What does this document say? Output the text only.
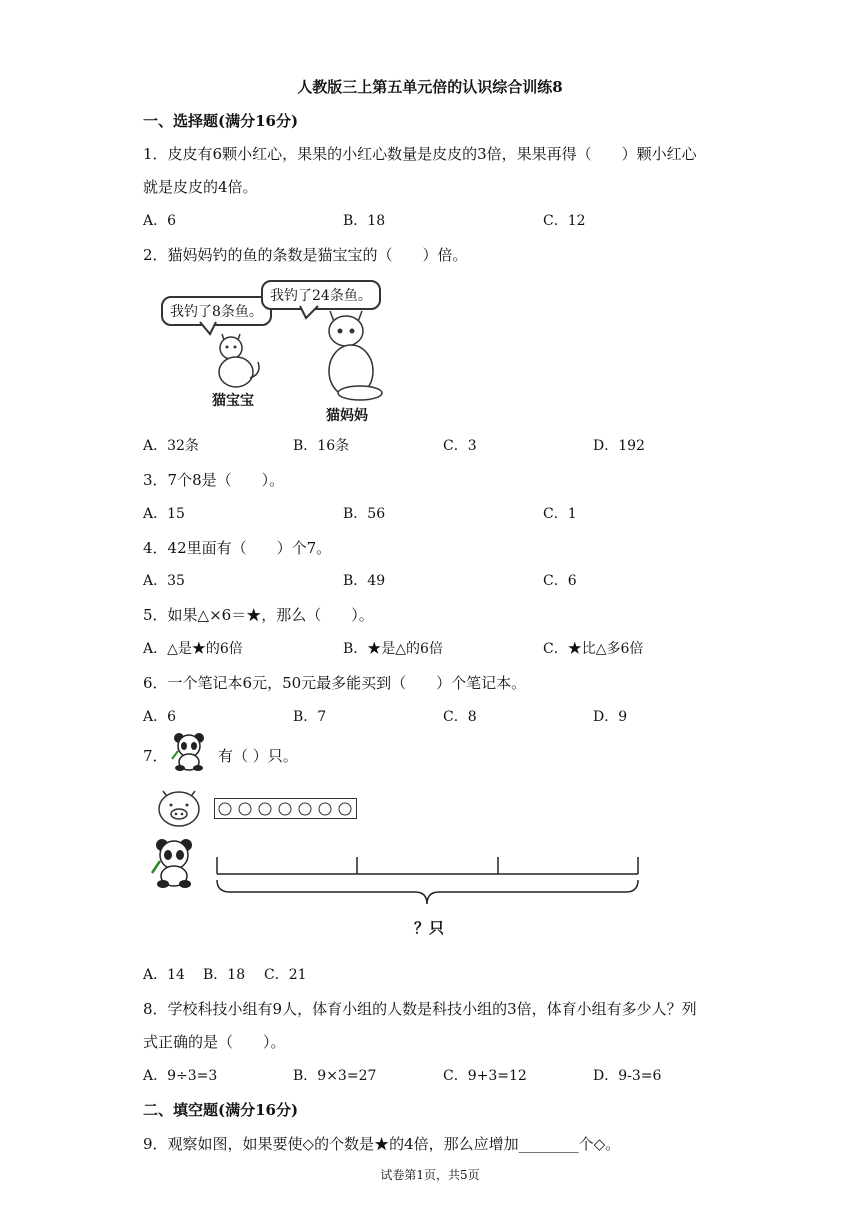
人教版三上第五单元倍的认识综合训练8
一、选择题(满分16分)
1．皮皮有6颗小红心，果果的小红心数量是皮皮的3倍，果果再得（　　）颗小红心
就是皮皮的4倍。
A．6	B．18	C．12
2．猫妈妈钓的鱼的条数是猫宝宝的（　　）倍。
我钓了8条鱼。
我钓了24条鱼。
猫宝宝
猫妈妈
A．32条	B．16条	C．3	D．192
3．7个8是（　　）。
A．15	B．56	C．1
4．42里面有（　　）个7。
A．35	B．49	C．6
5．如果△×6＝★，那么（　　）。
A．△是★的6倍	B．★是△的6倍	C．★比△多6倍
6．一个笔记本6元，50元最多能买到（　　）个笔记本。
A．6	B．7	C．8	D．9
7．	有（ ）只。
？只
A．14 B．18 C．21
8．学校科技小组有9人，体育小组的人数是科技小组的3倍，体育小组有多少人？列
式正确的是（　　）。
A．9÷3=3	B．9×3=27	C．9+3=12	D．9-3=6
二、填空题(满分16分)
9．观察如图，如果要使◇的个数是★的4倍，那么应增加________个◇。
试卷第1页，共5页
